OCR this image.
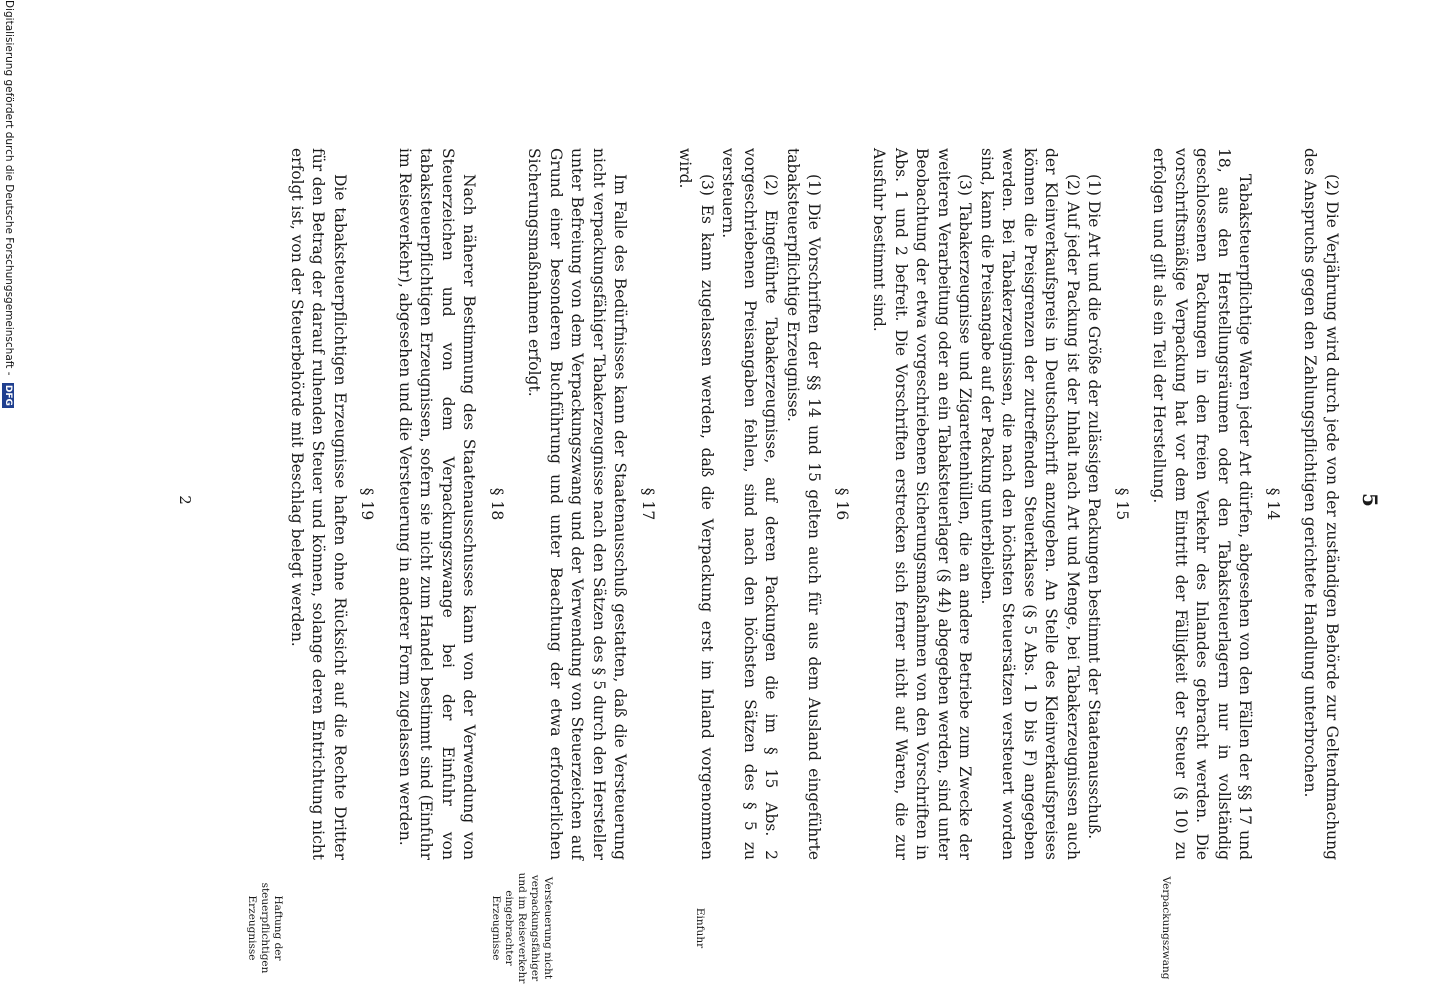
5

(2) Die Verjährung wird durch jede von der zuständigen Behörde zur Geltendmachung des Anspruchs gegen den Zahlungspflichtigen gerichtete Handlung unterbrochen.

§ 14

Tabaksteuerpflichtige Waren jeder Art dürfen, abgesehen von den Fällen der §§ 17 und 18, aus den Herstellungsräumen oder den Tabaksteuerlagern nur in vollständig geschlossenen Packungen in den freien Verkehr des Inlandes gebracht werden. Die vorschriftsmäßige Verpackung hat vor dem Eintritt der Fälligkeit der Steuer (§ 10) zu erfolgen und gilt als ein Teil der Herstellung.

§ 15

(1) Die Art und die Größe der zulässigen Packungen bestimmt der Staatenausschuß.

(2) Auf jeder Packung ist der Inhalt nach Art und Menge, bei Tabakerzeugnissen auch der Kleinverkaufspreis in Deutschschrift anzugeben. An Stelle des Kleinverkaufspreises können die Preisgrenzen der zutreffenden Steuerklasse (§ 5 Abs. 1 D bis F) angegeben werden. Bei Tabakerzeugnissen, die nach den höchsten Steuersätzen versteuert worden sind, kann die Preisangabe auf der Packung unterbleiben.

(3) Tabakerzeugnisse und Zigarettenhüllen, die an andere Betriebe zum Zwecke der weiteren Verarbeitung oder an ein Tabaksteuerlager (§ 44) abgegeben werden, sind unter Beobachtung der etwa vorgeschriebenen Sicherungsmaßnahmen von den Vorschriften in Abs. 1 und 2 befreit. Die Vorschriften erstrecken sich ferner nicht auf Waren, die zur Ausfuhr bestimmt sind.

§ 16

(1) Die Vorschriften der §§ 14 und 15 gelten auch für aus dem Ausland eingeführte tabaksteuerpflichtige Erzeugnisse.

(2) Eingeführte Tabakerzeugnisse, auf deren Packungen die im § 15 Abs. 2 vorgeschriebenen Preisangaben fehlen, sind nach den höchsten Sätzen des § 5 zu versteuern.

(3) Es kann zugelassen werden, daß die Verpackung erst im Inland vorgenommen wird.

§ 17

Im Falle des Bedürfnisses kann der Staatenausschuß gestatten, daß die Versteuerung nicht verpackungsfähiger Tabakerzeugnisse nach den Sätzen des § 5 durch den Hersteller unter Befreiung von dem Verpackungszwang und der Verwendung von Steuerzeichen auf Grund einer besonderen Buchführung und unter Beachtung der etwa erforderlichen Sicherungsmaßnahmen erfolgt.

§ 18

Nach näherer Bestimmung des Staatenausschusses kann von der Verwendung von Steuerzeichen und von dem Verpackungszwange bei der Einfuhr von tabaksteuerpflichtigen Erzeugnissen, sofern sie nicht zum Handel bestimmt sind (Einfuhr im Reiseverkehr), abgesehen und die Versteuerung in anderer Form zugelassen werden.

§ 19

Die tabaksteuerpflichtigen Erzeugnisse haften ohne Rücksicht auf die Rechte Dritter für den Betrag der darauf ruhenden Steuer und können, solange deren Entrichtung nicht erfolgt ist, von der Steuerbehörde mit Beschlag belegt werden.

Verpackungszwang
Einfuhr
Versteuerung nicht verpackungsfähiger und im Reiseverkehr eingebrachter Erzeugnisse
Haftung der steuerpflichtigen Erzeugnisse
2
Digitalisierung gefördert durch die Deutsche Forschungsgemeinschaft - DFG
